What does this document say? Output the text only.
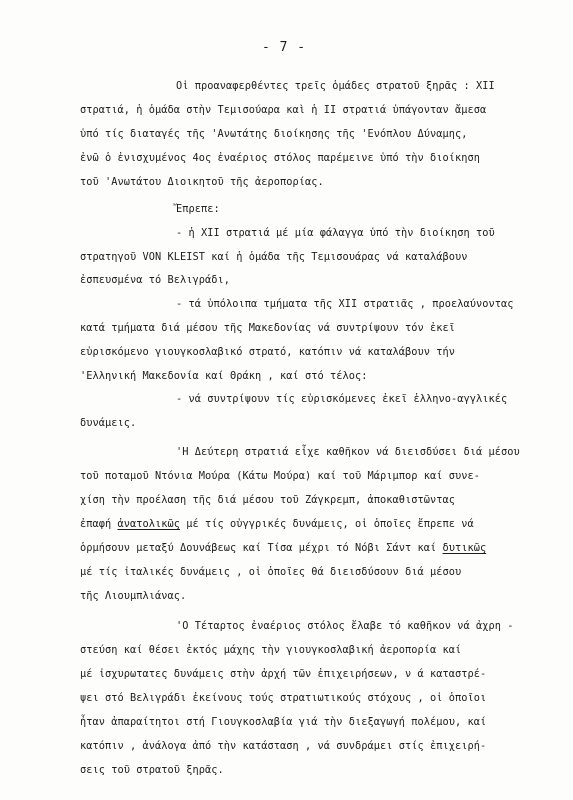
- 7 -
Οἱ προαναφερθέντες τρεῖς ὁμάδες στρατοῦ ξηρᾶς : ΧΙΙ
στρατιά, ἡ ὁμάδα στὴν Τεμισούαρα καὶ ἡ ΙΙ στρατιά ὑπάγονταν ἄμεσα
ὑπό τίς διαταγές τῆς 'Ανωτάτης διοίκησης τῆς 'Ενόπλου Δύναμης,
ἐνῶ ὁ ἐνισχυμένος 4ος ἐναέριος στόλος παρέμεινε ὑπό τὴν διοίκηση
τοῦ 'Ανωτάτου Διοικητοῦ τῆς ἀεροπορίας.
Ἔπρεπε:
- ἡ ΧΙΙ στρατιά μέ μία φάλαγγα ὑπό τὴν διοίκηση τοῦ
στρατηγοῦ VON KLEIST καί ἡ ὁμάδα τῆς Τεμισουάρας νά καταλάβουν
ἐσπευσμένα τό Βελιγράδι,
- τά ὑπόλοιπα τμήματα τῆς ΧΙΙ στρατιᾶς , προελαύνοντας
κατά τμήματα διά μέσου τῆς Μακεδονίας νά συντρίψουν τόν ἐκεῖ
εὑρισκόμενο γιουγκοσλαβικό στρατό, κατόπιν νά καταλάβουν τήν
'Ελληνική Μακεδονία καί Θράκη , καί στό τέλος:
- νά συντρίψουν τίς εὑρισκόμενες ἐκεῖ ἑλληνο-αγγλικές
δυνάμεις.
'Η Δεύτερη στρατιά εἶχε καθῆκον νά διεισδύσει διά μέσου
τοῦ ποταμοῦ Ντόνια Μούρα (Κάτω Μούρα) καί τοῦ Μάριμπορ καί συνε-
χίση τὴν προέλαση τῆς διά μέσου τοῦ Ζάγκρεμπ, ἀποκαθιστῶντας
ἐπαφή ἀνατολικῶς μέ τίς οὑγγρικές δυνάμεις, οἱ ὁποῖες ἔπρεπε νά
ὁρμήσουν μεταξύ Δουνάβεως καί Τίσα μέχρι τό Νόβι Σάντ καί δυτικῶς
μέ τίς ἰταλικές δυνάμεις , οἱ ὁποῖες θά διεισδύσουν διά μέσου
τῆς Λιουμπλιάνας.
'Ο Τέταρτος ἐναέριος στόλος ἔλαβε τό καθῆκον νά ἀχρη -
στεύση καί θέσει ἐκτός μάχης τὴν γιουγκοσλαβική ἀεροπορία καί
μέ ἰσχυρωτατες δυνάμεις στὴν ἀρχή τῶν ἐπιχειρήσεων, ν ά καταστρέ-
ψει στό Βελιγράδι ἐκείνους τούς στρατιωτικούς στόχους , οἱ ὁποῖοι
ἦταν ἀπαραίτητοι στή Γιουγκοσλαβία γιά τὴν διεξαγωγή πολέμου, καί
κατόπιν , ἀνάλογα ἀπό τὴν κατάσταση , νά συνδράμει στίς ἐπιχειρή-
σεις τοῦ στρατοῦ ξηρᾶς.
